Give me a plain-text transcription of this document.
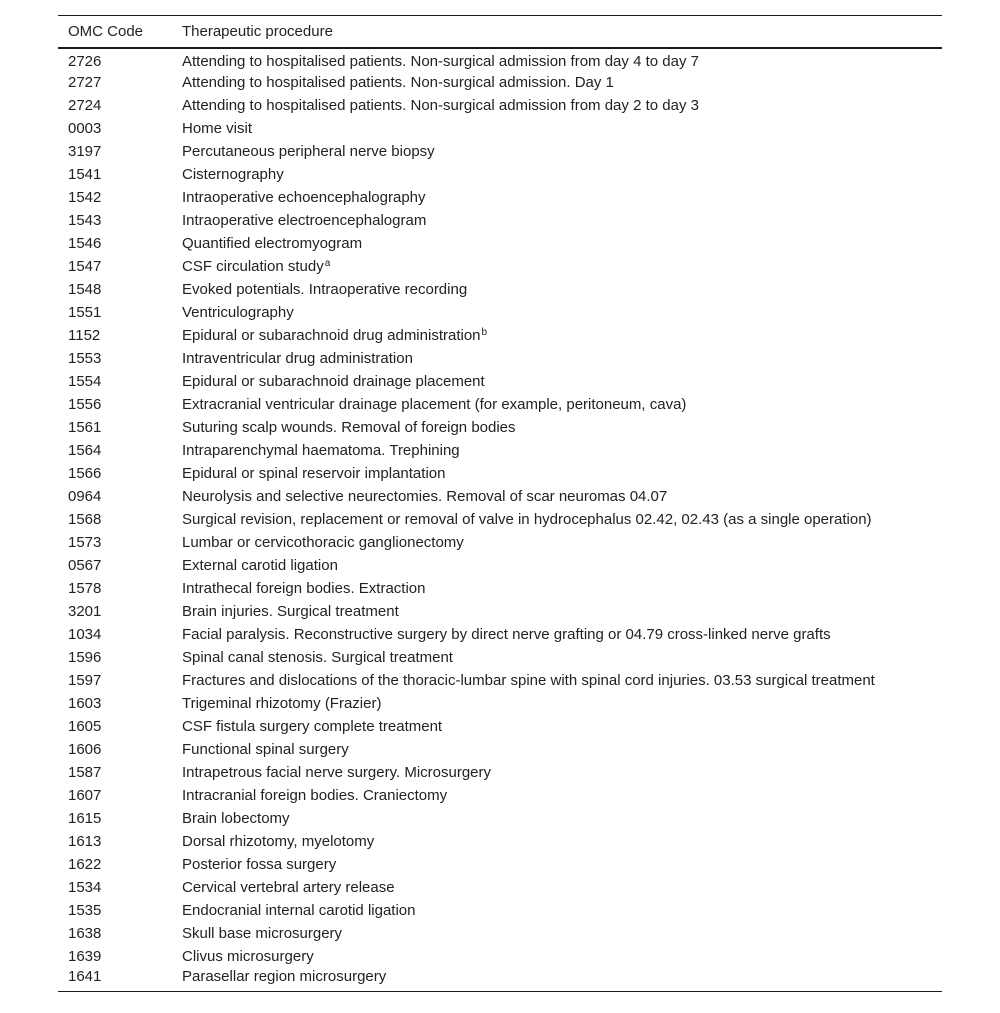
OMC Code	Therapeutic procedure
2726	Attending to hospitalised patients. Non-surgical admission from day 4 to day 7
2727	Attending to hospitalised patients. Non-surgical admission. Day 1
2724	Attending to hospitalised patients. Non-surgical admission from day 2 to day 3
0003	Home visit
3197	Percutaneous peripheral nerve biopsy
1541	Cisternography
1542	Intraoperative echoencephalography
1543	Intraoperative electroencephalogram
1546	Quantified electromyogram
1547	CSF circulation study$^a$
1548	Evoked potentials. Intraoperative recording
1551	Ventriculography
1152	Epidural or subarachnoid drug administration$^b$
1553	Intraventricular drug administration
1554	Epidural or subarachnoid drainage placement
1556	Extracranial ventricular drainage placement (for example, peritoneum, cava)
1561	Suturing scalp wounds. Removal of foreign bodies
1564	Intraparenchymal haematoma. Trephining
1566	Epidural or spinal reservoir implantation
0964	Neurolysis and selective neurectomies. Removal of scar neuromas 04.07
1568	Surgical revision, replacement or removal of valve in hydrocephalus 02.42, 02.43 (as a single operation)
1573	Lumbar or cervicothoracic ganglionectomy
0567	External carotid ligation
1578	Intrathecal foreign bodies. Extraction
3201	Brain injuries. Surgical treatment
1034	Facial paralysis. Reconstructive surgery by direct nerve grafting or 04.79 cross-linked nerve grafts
1596	Spinal canal stenosis. Surgical treatment
1597	Fractures and dislocations of the thoracic-lumbar spine with spinal cord injuries. 03.53 surgical treatment
1603	Trigeminal rhizotomy (Frazier)
1605	CSF fistula surgery complete treatment
1606	Functional spinal surgery
1587	Intrapetrous facial nerve surgery. Microsurgery
1607	Intracranial foreign bodies. Craniectomy
1615	Brain lobectomy
1613	Dorsal rhizotomy, myelotomy
1622	Posterior fossa surgery
1534	Cervical vertebral artery release
1535	Endocranial internal carotid ligation
1638	Skull base microsurgery
1639	Clivus microsurgery
1641	Parasellar region microsurgery
